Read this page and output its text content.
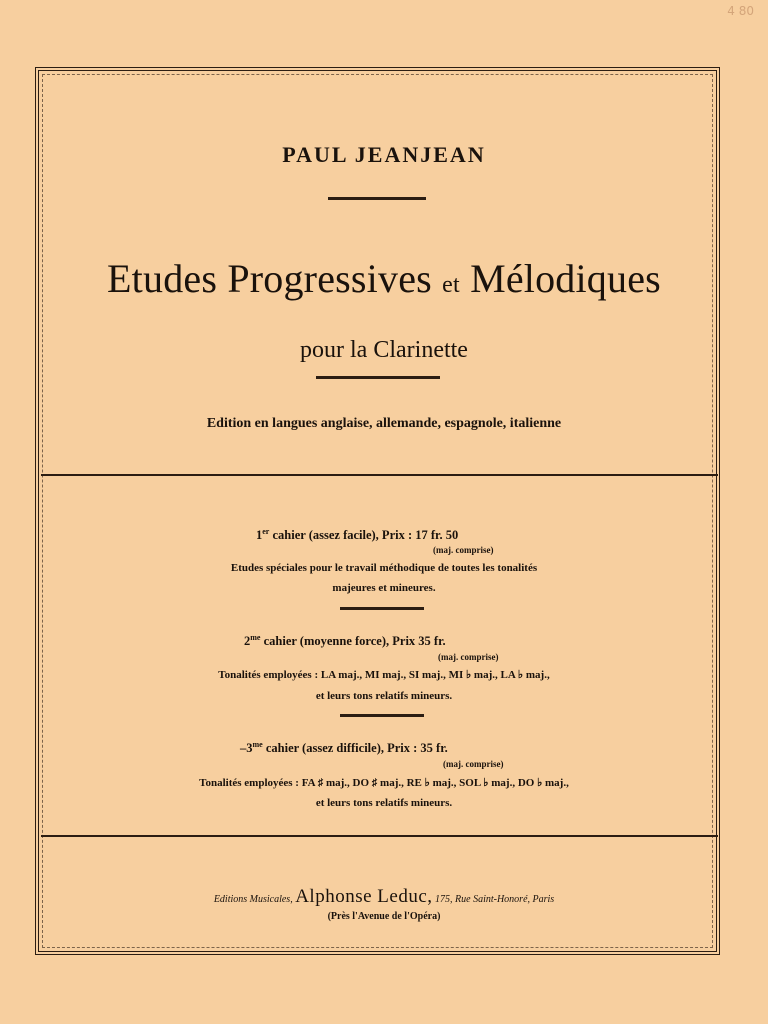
4 80
PAUL JEANJEAN
Etudes Progressives et Mélodiques
pour la Clarinette
Edition en langues anglaise, allemande, espagnole, italienne
1er cahier (assez facile), Prix : 17 fr. 50
(maj. comprise)
Etudes spéciales pour le travail méthodique de toutes les tonalités
majeures et mineures.
$2^{me}$ cahier (moyenne force), Prix 35 fr.
(maj. comprise)
Tonalités employées : LA maj., MI maj., SI maj., MI ♭ maj., LA ♭ maj.,
et leurs tons relatifs mineurs.
$-3^{me}$ cahier (assez difficile), Prix : 35 fr.
(maj. comprise)
Tonalités employées : FA ♯ maj., DO ♯ maj., RE ♭ maj., SOL ♭ maj., DO ♭ maj.,
et leurs tons relatifs mineurs.
Editions Musicales, Alphonse Leduc, 175, Rue Saint-Honoré, Paris
(Près l'Avenue de l'Opéra)
